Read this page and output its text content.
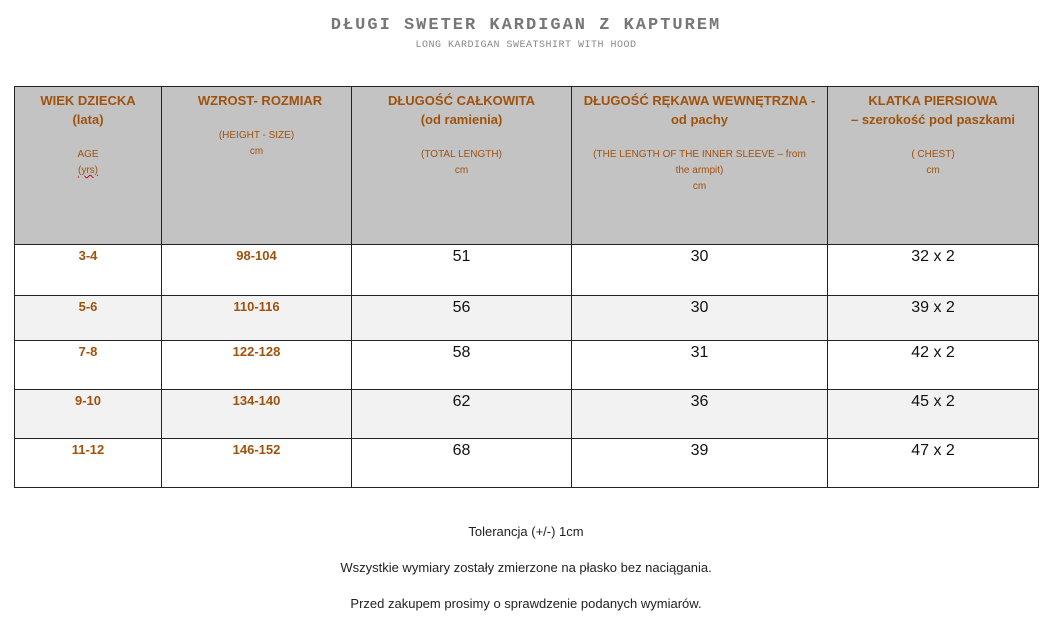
DŁUGI SWETER KARDIGAN Z KAPTUREM
LONG KARDIGAN SWEATSHIRT WITH HOOD
WIEK DZIECKA
(lata)
AGE
(yrs)	WZROST- ROZMIAR
(HEIGHT - SIZE)
cm	DŁUGOŚĆ CAŁKOWITA
(od ramienia)
(TOTAL LENGTH)
cm	DŁUGOŚĆ RĘKAWA WEWNĘTRZNA -
od pachy
(THE LENGTH OF THE INNER SLEEVE – from
the armpit)
cm	KLATKA PIERSIOWA
– szerokość pod paszkami
( CHEST)
cm

3-4	98-104	51	30	32 x 2
5-6	110-116	56	30	39 x 2
7-8	122-128	58	31	42 x 2
9-10	134-140	62	36	45 x 2
11-12	146-152	68	39	47 x 2
Tolerancja (+/-) 1cm
Wszystkie wymiary zostały zmierzone na płasko bez naciągania.
Przed zakupem prosimy o sprawdzenie podanych wymiarów.
